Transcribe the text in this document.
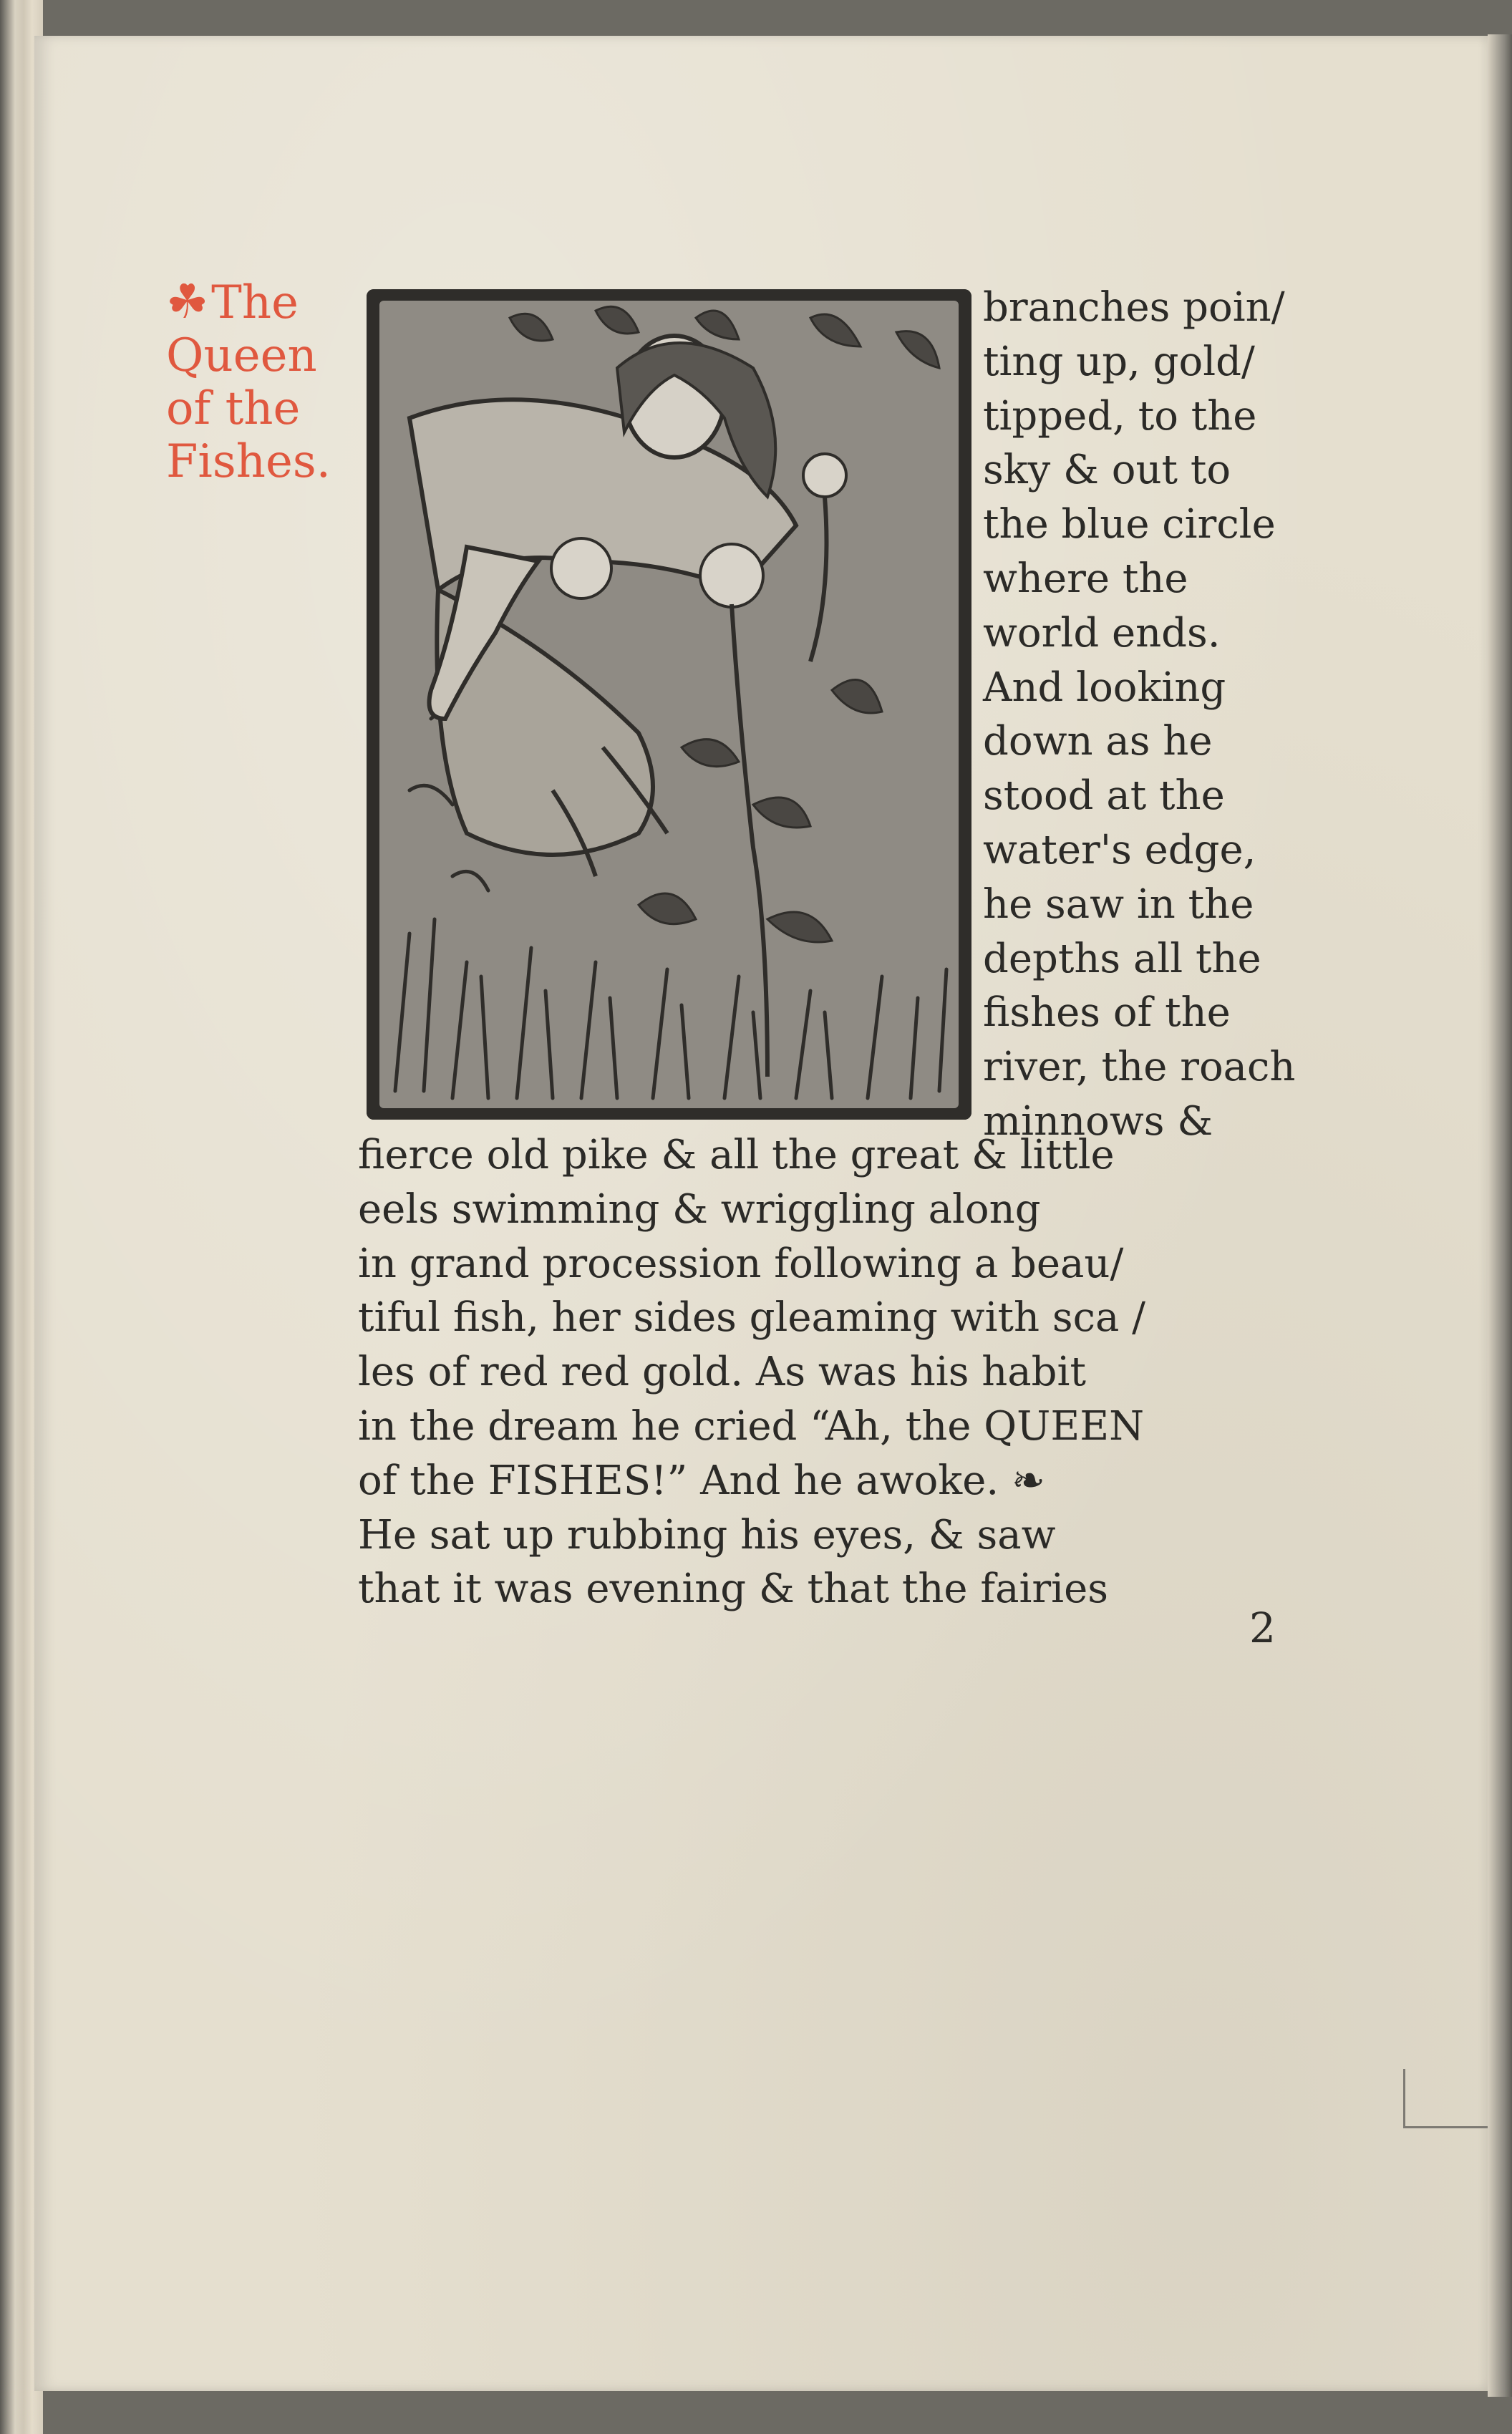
☘The
Queen
of the
Fishes.
branches poin/
ting up, gold/
tipped, to the
sky & out to
the blue circle
where the
world ends.
And looking
down as he
stood at the
water's edge,
he saw in the
depths all the
fishes of the
river, the roach
minnows &
fierce old pike & all the great & little
eels swimming & wriggling along
in grand procession following a beau/
tiful fish, her sides gleaming with sca /
les of red red gold. As was his habit
in the dream he cried “Ah, the QUEEN
of the FISHES!” And he awoke. ❧
He sat up rubbing his eyes, & saw
that it was evening & that the fairies
2
